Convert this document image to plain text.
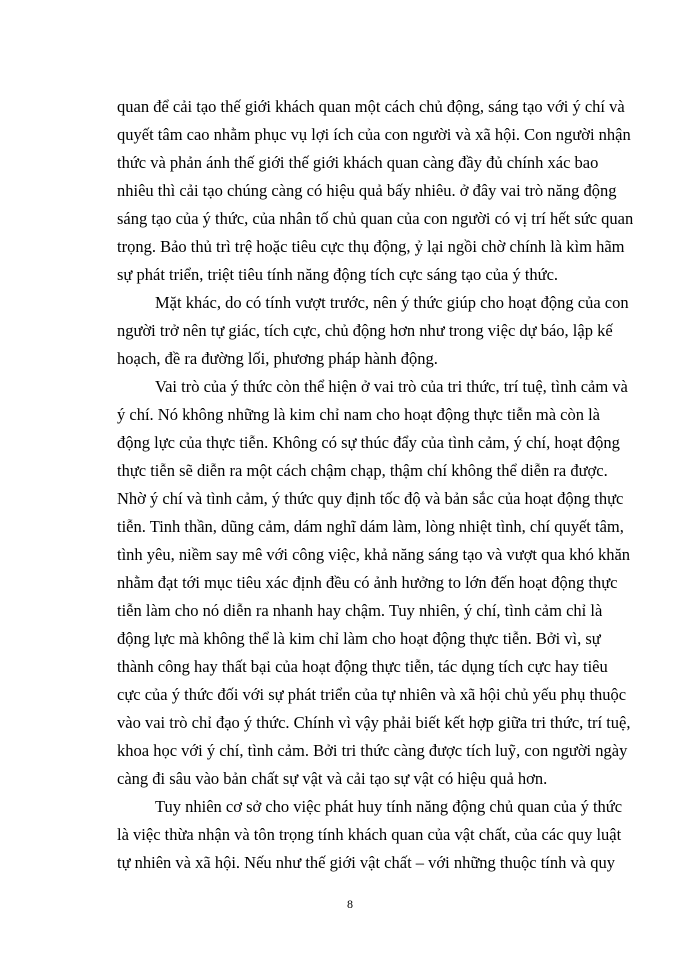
quan để cải tạo thế giới khách quan một cách chủ động, sáng tạo với ý chí và
quyết tâm cao nhằm phục vụ lợi ích của con người và xã hội. Con người nhận
thức và phản ánh thế giới thế giới khách quan càng đầy đủ chính xác bao
nhiêu thì cải tạo chúng càng có hiệu quả bấy nhiêu. ở đây vai trò năng động
sáng tạo của ý thức, của nhân tố chủ quan của con người có vị trí hết sức quan
trọng. Bảo thủ trì trệ hoặc tiêu cực thụ động, ỷ lại ngồi chờ chính là kìm hãm
sự phát triển, triệt tiêu tính năng động tích cực sáng tạo của ý thức.

Mặt khác, do có tính vượt trước, nên ý thức giúp cho hoạt động của con
người trở nên tự giác, tích cực, chủ động hơn như trong việc dự báo, lập kế
hoạch, đề ra đường lối, phương pháp hành động.

Vai trò của ý thức còn thể hiện ở vai trò của tri thức, trí tuệ, tình cảm và
ý chí. Nó không những là kim chỉ nam cho hoạt động thực tiễn mà còn là
động lực của thực tiễn. Không có sự thúc đẩy của tình cảm, ý chí, hoạt động
thực tiễn sẽ diễn ra một cách chậm chạp, thậm chí không thể diễn ra được.
Nhờ ý chí và tình cảm, ý thức quy định tốc độ và bản sắc của hoạt động thực
tiễn. Tinh thần, dũng cảm, dám nghĩ dám làm, lòng nhiệt tình, chí quyết tâm,
tình yêu, niềm say mê với công việc, khả năng sáng tạo và vượt qua khó khăn
nhằm đạt tới mục tiêu xác định đều có ảnh hưởng to lớn đến hoạt động thực
tiễn làm cho nó diễn ra nhanh hay chậm. Tuy nhiên, ý chí, tình cảm chỉ là
động lực mà không thể là kim chỉ làm cho hoạt động thực tiễn. Bởi vì, sự
thành công hay thất bại của hoạt động thực tiễn, tác dụng tích cực hay tiêu
cực của ý thức đối với sự phát triển của tự nhiên và xã hội chủ yếu phụ thuộc
vào vai trò chỉ đạo ý thức. Chính vì vậy phải biết kết hợp giữa tri thức, trí tuệ,
khoa học với ý chí, tình cảm. Bởi tri thức càng được tích luỹ, con người ngày
càng đi sâu vào bản chất sự vật và cải tạo sự vật có hiệu quả hơn.

Tuy nhiên cơ sở cho việc phát huy tính năng động chủ quan của ý thức
là việc thừa nhận và tôn trọng tính khách quan của vật chất, của các quy luật
tự nhiên và xã hội. Nếu như thế giới vật chất – với những thuộc tính và quy

8
